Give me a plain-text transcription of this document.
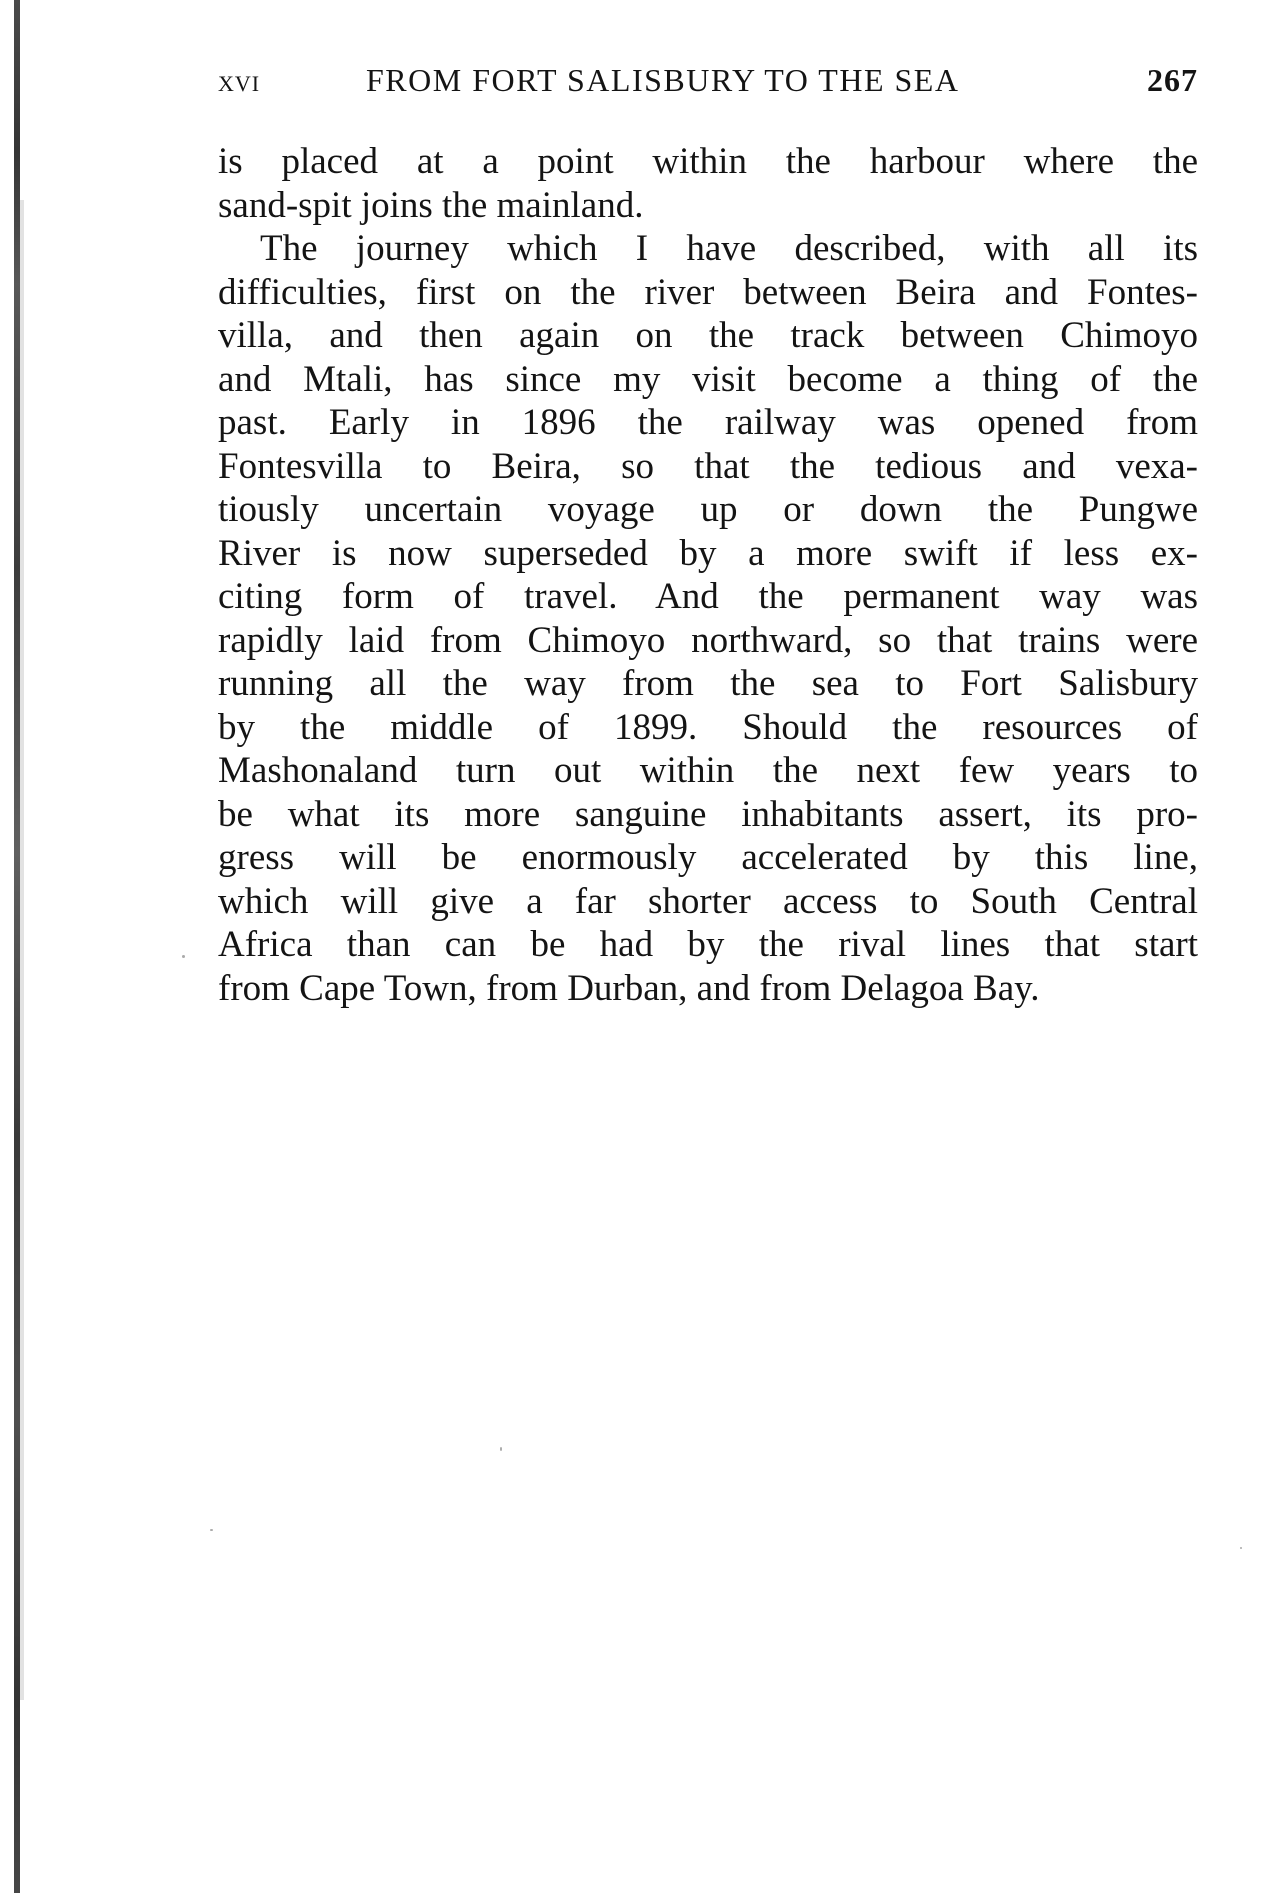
xvi	FROM FORT SALISBURY TO THE SEA	267
is placed at a point within the harbour where the
sand-spit joins the mainland.
The journey which I have described, with all its
difficulties, first on the river between Beira and Fontes-
villa, and then again on the track between Chimoyo
and Mtali, has since my visit become a thing of the
past. Early in 1896 the railway was opened from
Fontesvilla to Beira, so that the tedious and vexa-
tiously uncertain voyage up or down the Pungwe
River is now superseded by a more swift if less ex-
citing form of travel. And the permanent way was
rapidly laid from Chimoyo northward, so that trains were
running all the way from the sea to Fort Salisbury
by the middle of 1899. Should the resources of
Mashonaland turn out within the next few years to
be what its more sanguine inhabitants assert, its pro-
gress will be enormously accelerated by this line,
which will give a far shorter access to South Central
Africa than can be had by the rival lines that start
from Cape Town, from Durban, and from Delagoa Bay.
